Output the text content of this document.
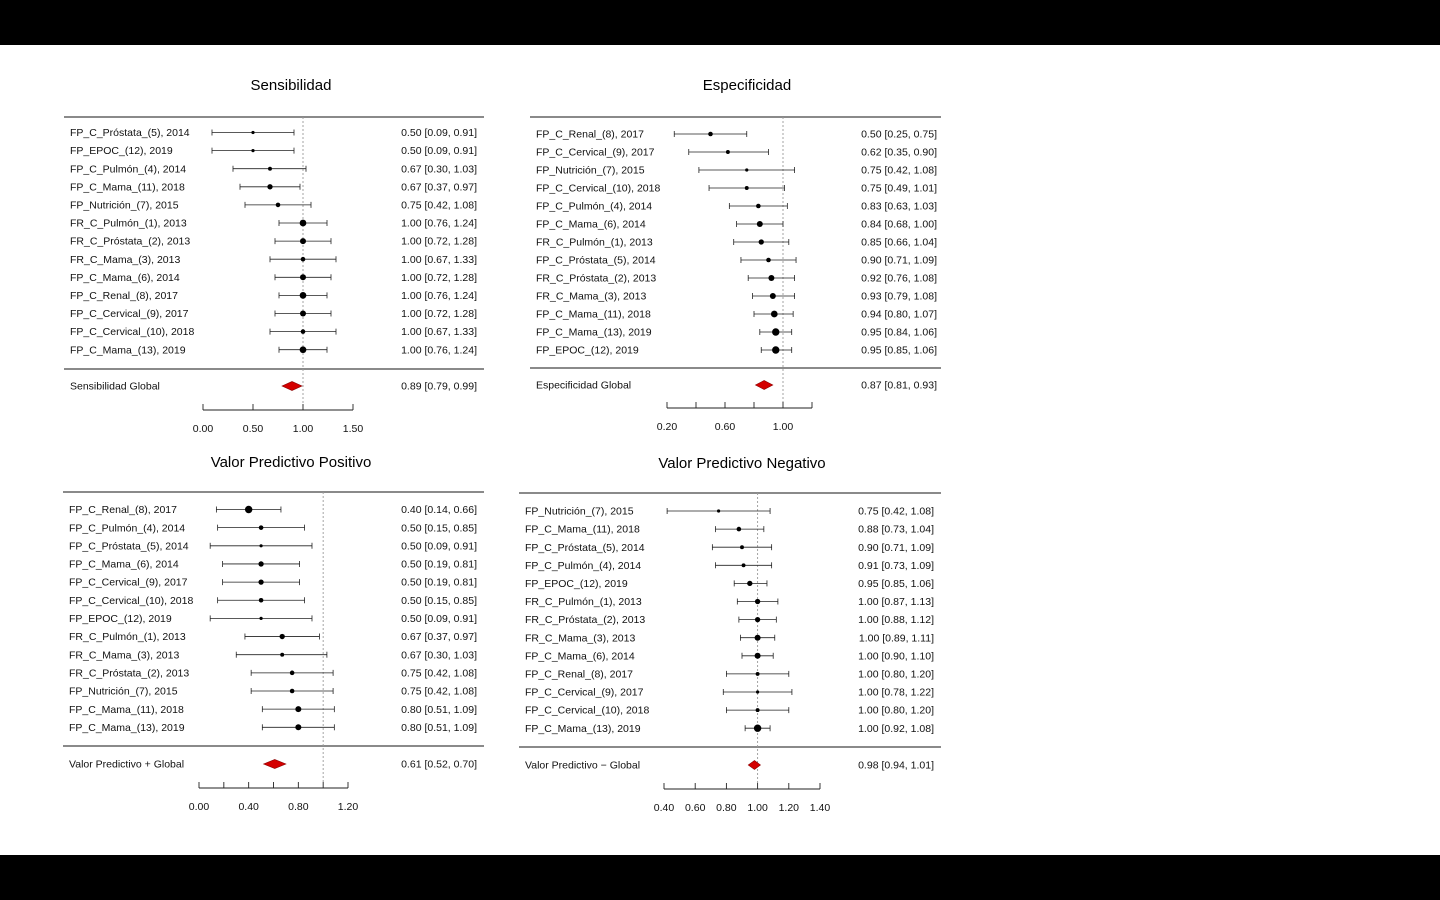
Sensibilidad
FP_C_Próstata_(5), 2014	0.50 [0.09, 0.91]
FP_EPOC_(12), 2019	0.50 [0.09, 0.91]
FP_C_Pulmón_(4), 2014	0.67 [0.30, 1.03]
FP_C_Mama_(11), 2018	0.67 [0.37, 0.97]
FP_Nutrición_(7), 2015	0.75 [0.42, 1.08]
FR_C_Pulmón_(1), 2013	1.00 [0.76, 1.24]
FR_C_Próstata_(2), 2013	1.00 [0.72, 1.28]
FR_C_Mama_(3), 2013	1.00 [0.67, 1.33]
FP_C_Mama_(6), 2014	1.00 [0.72, 1.28]
FP_C_Renal_(8), 2017	1.00 [0.76, 1.24]
FP_C_Cervical_(9), 2017	1.00 [0.72, 1.28]
FP_C_Cervical_(10), 2018	1.00 [0.67, 1.33]
FP_C_Mama_(13), 2019	1.00 [0.76, 1.24]
Sensibilidad Global	0.89 [0.79, 0.99]
0.00	0.50	1.00	1.50
Especificidad
FP_C_Renal_(8), 2017	0.50 [0.25, 0.75]
FP_C_Cervical_(9), 2017	0.62 [0.35, 0.90]
FP_Nutrición_(7), 2015	0.75 [0.42, 1.08]
FP_C_Cervical_(10), 2018	0.75 [0.49, 1.01]
FP_C_Pulmón_(4), 2014	0.83 [0.63, 1.03]
FP_C_Mama_(6), 2014	0.84 [0.68, 1.00]
FR_C_Pulmón_(1), 2013	0.85 [0.66, 1.04]
FP_C_Próstata_(5), 2014	0.90 [0.71, 1.09]
FR_C_Próstata_(2), 2013	0.92 [0.76, 1.08]
FR_C_Mama_(3), 2013	0.93 [0.79, 1.08]
FP_C_Mama_(11), 2018	0.94 [0.80, 1.07]
FP_C_Mama_(13), 2019	0.95 [0.84, 1.06]
FP_EPOC_(12), 2019	0.95 [0.85, 1.06]
Especificidad Global	0.87 [0.81, 0.93]
0.20	0.60	1.00
Valor Predictivo Positivo
FP_C_Renal_(8), 2017	0.40 [0.14, 0.66]
FP_C_Pulmón_(4), 2014	0.50 [0.15, 0.85]
FP_C_Próstata_(5), 2014	0.50 [0.09, 0.91]
FP_C_Mama_(6), 2014	0.50 [0.19, 0.81]
FP_C_Cervical_(9), 2017	0.50 [0.19, 0.81]
FP_C_Cervical_(10), 2018	0.50 [0.15, 0.85]
FP_EPOC_(12), 2019	0.50 [0.09, 0.91]
FR_C_Pulmón_(1), 2013	0.67 [0.37, 0.97]
FR_C_Mama_(3), 2013	0.67 [0.30, 1.03]
FR_C_Próstata_(2), 2013	0.75 [0.42, 1.08]
FP_Nutrición_(7), 2015	0.75 [0.42, 1.08]
FP_C_Mama_(11), 2018	0.80 [0.51, 1.09]
FP_C_Mama_(13), 2019	0.80 [0.51, 1.09]
Valor Predictivo + Global	0.61 [0.52, 0.70]
0.00	0.40	0.80	1.20
Valor Predictivo Negativo
FP_Nutrición_(7), 2015	0.75 [0.42, 1.08]
FP_C_Mama_(11), 2018	0.88 [0.73, 1.04]
FP_C_Próstata_(5), 2014	0.90 [0.71, 1.09]
FP_C_Pulmón_(4), 2014	0.91 [0.73, 1.09]
FP_EPOC_(12), 2019	0.95 [0.85, 1.06]
FR_C_Pulmón_(1), 2013	1.00 [0.87, 1.13]
FR_C_Próstata_(2), 2013	1.00 [0.88, 1.12]
FR_C_Mama_(3), 2013	1.00 [0.89, 1.11]
FP_C_Mama_(6), 2014	1.00 [0.90, 1.10]
FP_C_Renal_(8), 2017	1.00 [0.80, 1.20]
FP_C_Cervical_(9), 2017	1.00 [0.78, 1.22]
FP_C_Cervical_(10), 2018	1.00 [0.80, 1.20]
FP_C_Mama_(13), 2019	1.00 [0.92, 1.08]
Valor Predictivo − Global	0.98 [0.94, 1.01]
0.40 0.60 0.80 1.00 1.20 1.40
